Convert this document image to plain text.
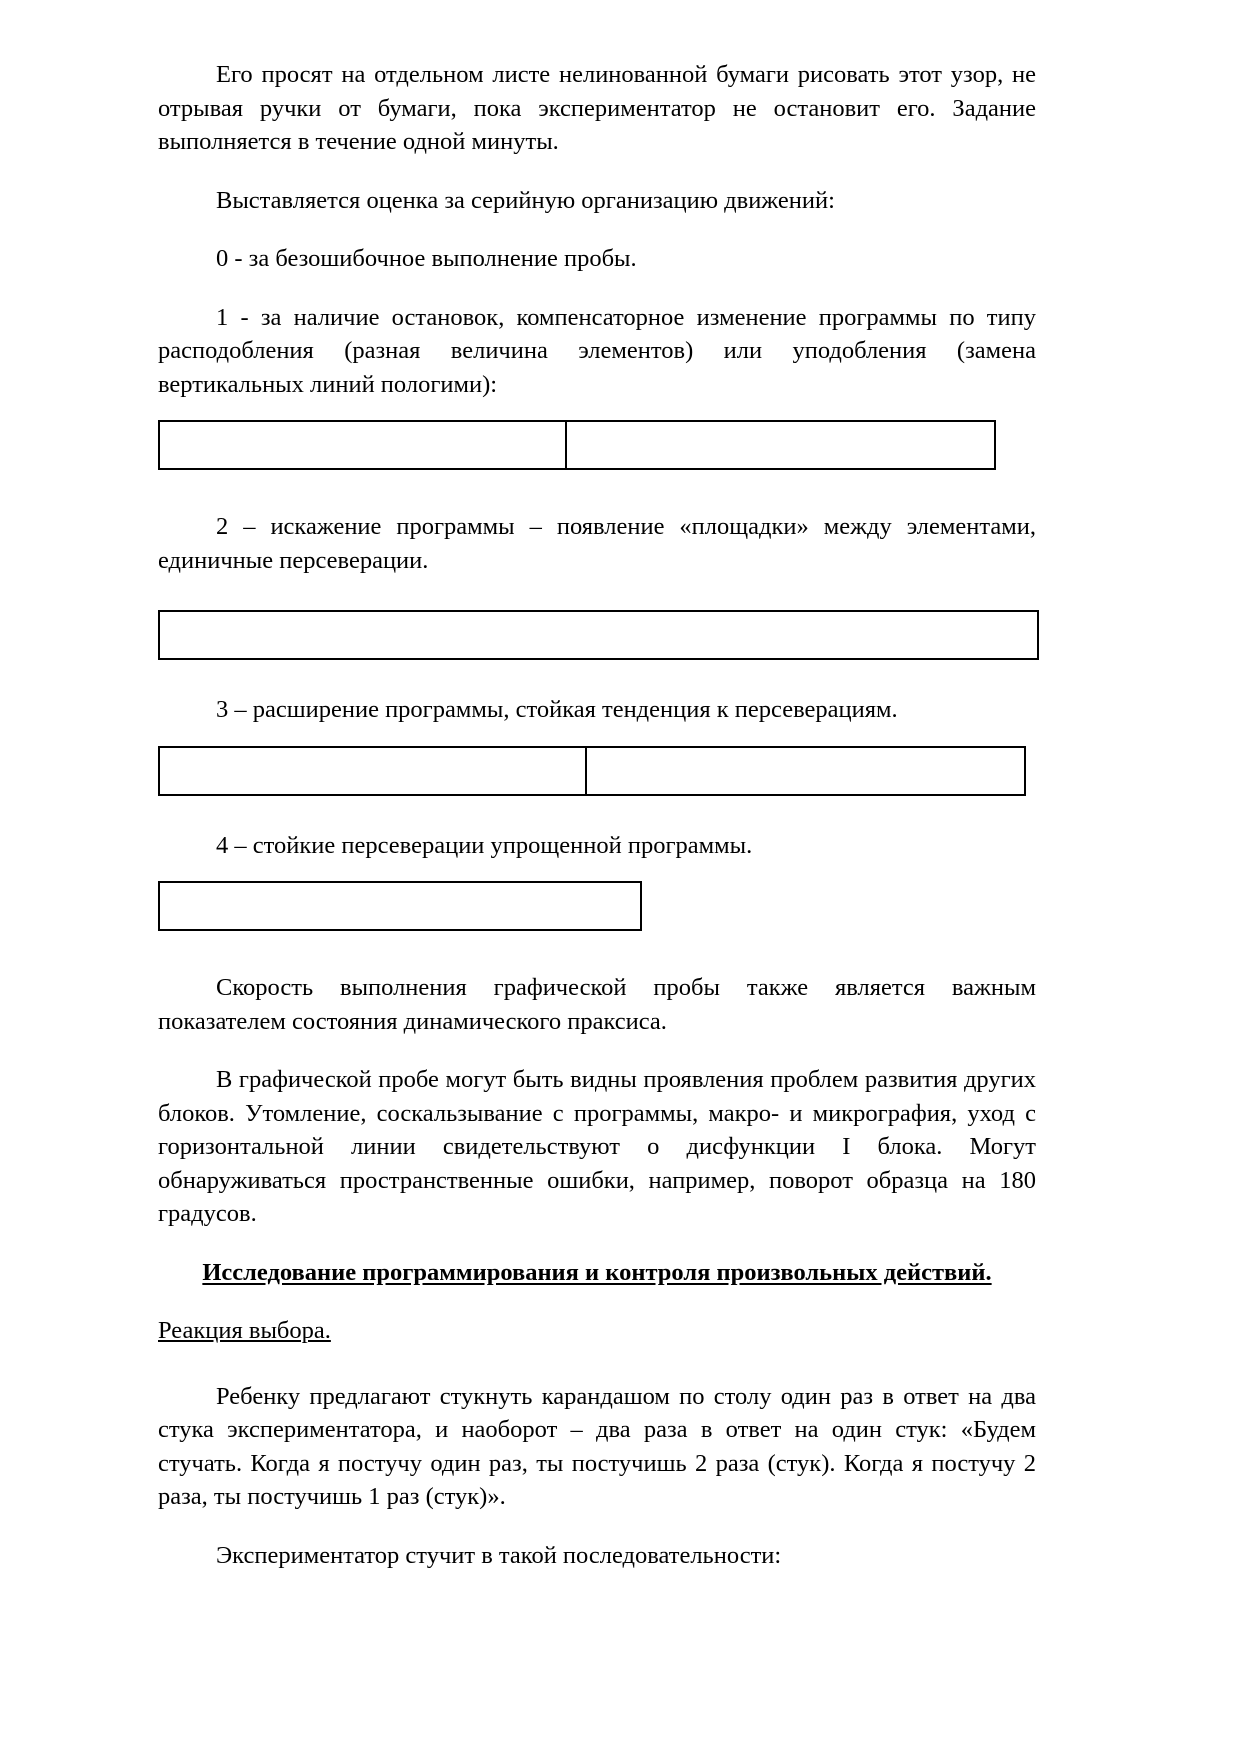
Его просят на отдельном листе нелинованной бумаги рисовать этот узор, не отрывая ручки от бумаги, пока экспериментатор не остановит его. Задание выполняется в течение одной минуты.

Выставляется оценка за серийную организацию движений:

0 - за безошибочное выполнение пробы.

1 - за наличие остановок, компенсаторное изменение программы по типу расподобления (разная величина элементов) или уподобления (замена вертикальных линий пологими):

2 – искажение программы – появление «площадки» между элементами, единичные персеверации.

3 – расширение программы, стойкая тенденция к персеверациям.

4 – стойкие персеверации упрощенной программы.

Скорость выполнения графической пробы также является важным показателем состояния динамического праксиса.

В графической пробе могут быть видны проявления проблем развития других блоков. Утомление, соскальзывание с программы, макро- и микрография, уход с горизонтальной линии свидетельствуют о дисфункции I блока. Могут обнаруживаться пространственные ошибки, например, поворот образца на 180 градусов.

Исследование программирования и контроля произвольных действий.

Реакция выбора.

Ребенку предлагают стукнуть карандашом по столу один раз в ответ на два стука экспериментатора, и наоборот – два раза в ответ на один стук: «Будем стучать. Когда я постучу один раз, ты постучишь 2 раза (стук). Когда я постучу 2 раза, ты постучишь 1 раз (стук)».

Экспериментатор стучит в такой последовательности:
